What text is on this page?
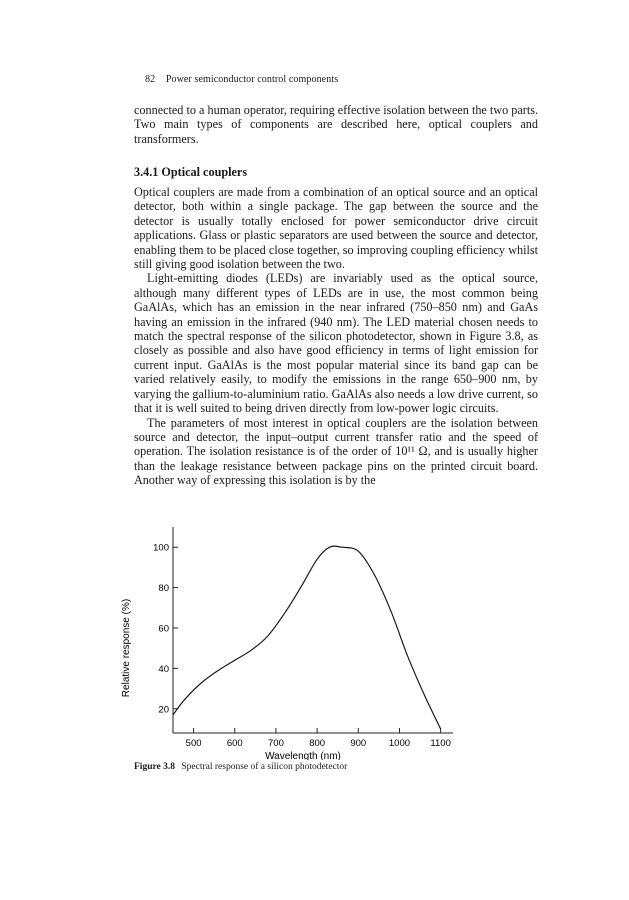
82 Power semiconductor control components
connected to a human operator, requiring effective isolation between the two parts. Two main types of components are described here, optical couplers and transformers.
3.4.1 Optical couplers

Optical couplers are made from a combination of an optical source and an optical detector, both within a single package. The gap between the source and the detector is usually totally enclosed for power semiconductor drive circuit applications. Glass or plastic separators are used between the source and detector, enabling them to be placed close together, so improving coupling efficiency whilst still giving good isolation between the two.

Light-emitting diodes (LEDs) are invariably used as the optical source, although many different types of LEDs are in use, the most common being GaAlAs, which has an emission in the near infrared (750–850 nm) and GaAs having an emission in the infrared (940 nm). The LED material chosen needs to match the spectral response of the silicon photodetector, shown in Figure 3.8, as closely as possible and also have good efficiency in terms of light emission for current input. GaAlAs is the most popular material since its band gap can be varied relatively easily, to modify the emissions in the range 650–900 nm, by varying the gallium-to-aluminium ratio. GaAlAs also needs a low drive current, so that it is well suited to being driven directly from low-power logic circuits.

The parameters of most interest in optical couplers are the isolation between source and detector, the input–output current transfer ratio and the speed of operation. The isolation resistance is of the order of 10¹¹ Ω, and is usually higher than the leakage resistance between package pins on the printed circuit board. Another way of expressing this isolation is by the

20
40
60
80
100
500	600	700	800	900 1000 1100
Wavelength (nm)
Relative response (%)
Figure 3.8 Spectral response of a silicon photodetector
